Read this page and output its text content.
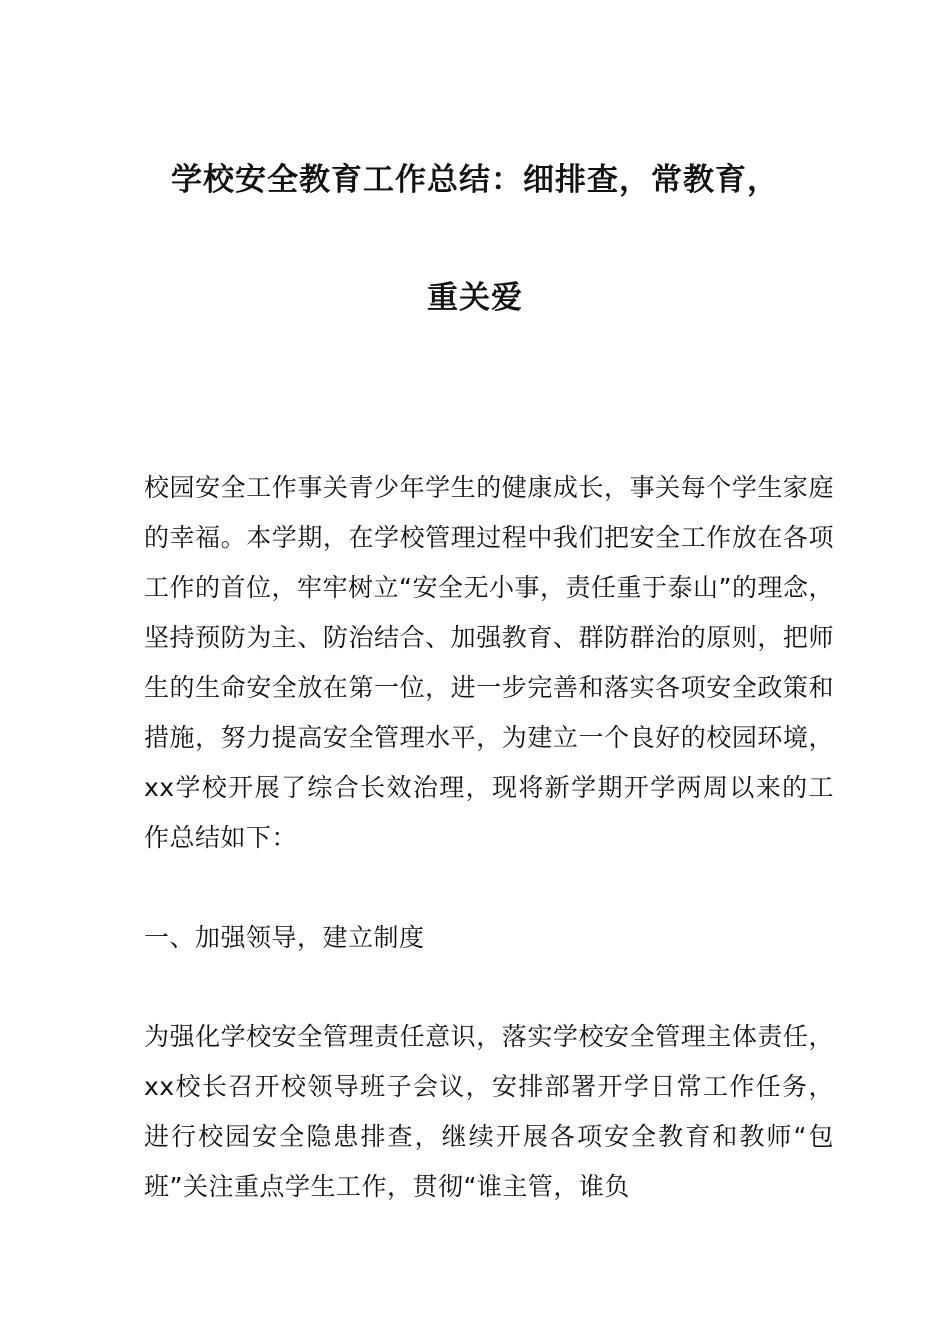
学校安全教育工作总结：细排查，常教育，
重关爱
校园安全工作事关青少年学生的健康成长，事关每个学生家庭的幸福。本学期，在学校管理过程中我们把安全工作放在各项工作的首位，牢牢树立“安全无小事，责任重于泰山”的理念，坚持预防为主、防治结合、加强教育、群防群治的原则，把师生的生命安全放在第一位，进一步完善和落实各项安全政策和措施，努力提高安全管理水平，为建立一个良好的校园环境，xx学校开展了综合长效治理，现将新学期开学两周以来的工作总结如下：
一、加强领导，建立制度
为强化学校安全管理责任意识，落实学校安全管理主体责任，xx校长召开校领导班子会议，安排部署开学日常工作任务，进行校园安全隐患排查，继续开展各项安全教育和教师“包班”关注重点学生工作，贯彻“谁主管，谁负
